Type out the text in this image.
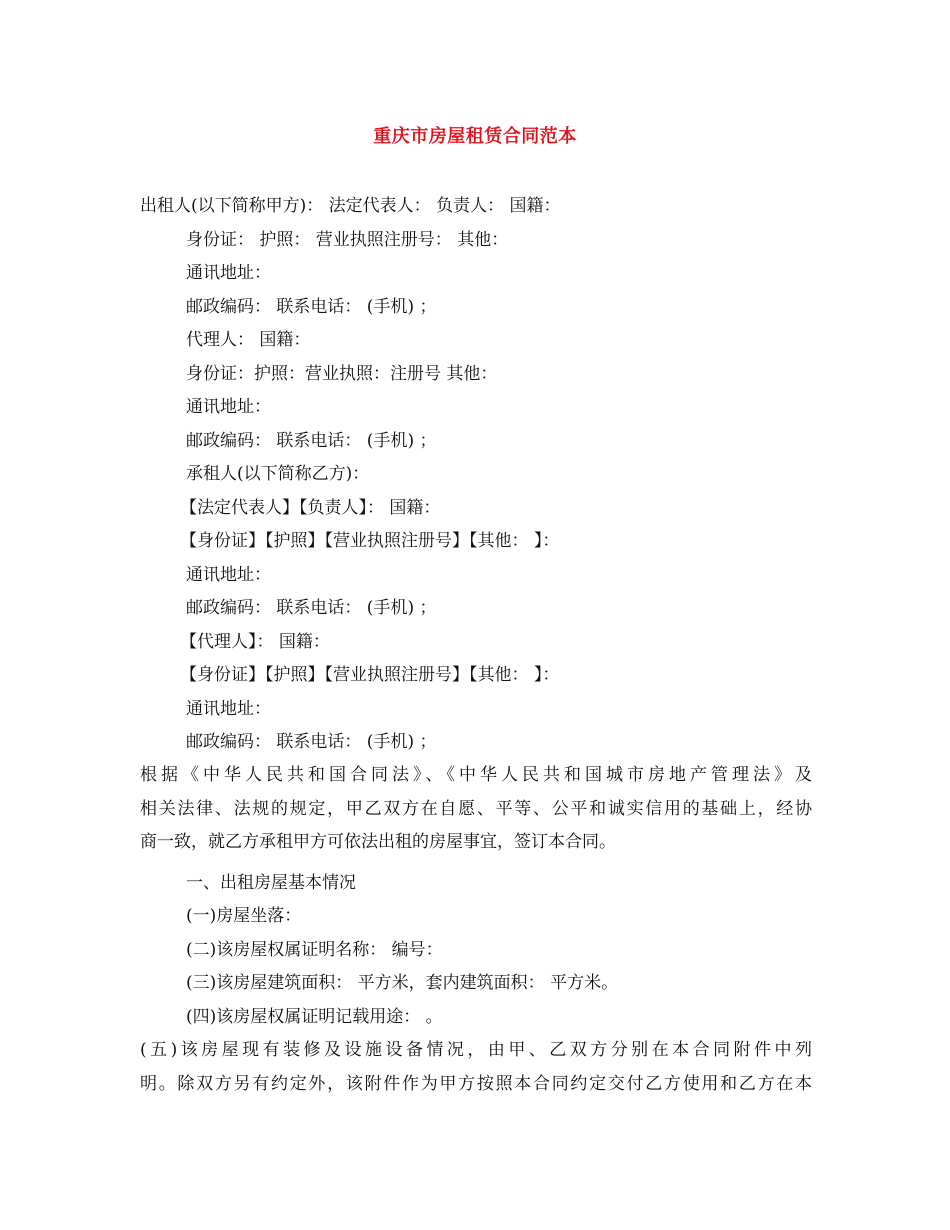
重庆市房屋租赁合同范本
出租人(以下简称甲方)： 法定代表人： 负责人： 国籍：
身份证： 护照： 营业执照注册号： 其他：
通讯地址：
邮政编码： 联系电话： (手机) ；
代理人： 国籍：
身份证：护照：营业执照：注册号 其他：
通讯地址：
邮政编码： 联系电话： (手机) ；
承租人(以下简称乙方)：
【法定代表人】【负责人】： 国籍：
【身份证】【护照】【营业执照注册号】【其他： 】：
通讯地址：
邮政编码： 联系电话： (手机) ；
【代理人】： 国籍：
【身份证】【护照】【营业执照注册号】【其他： 】：
通讯地址：
邮政编码： 联系电话： (手机) ；

根据《中华人民共和国合同法》、《中华人民共和国城市房地产管理法》及

相关法律、法规的规定，甲乙双方在自愿、平等、公平和诚实信用的基础上，经协

商一致，就乙方承租甲方可依法出租的房屋事宜，签订本合同。

一、出租房屋基本情况
(一)房屋坐落：
(二)该房屋权属证明名称： 编号：
(三)该房屋建筑面积： 平方米，套内建筑面积： 平方米。
(四)该房屋权属证明记载用途： 。

(五)该房屋现有装修及设施设备情况，由甲、乙双方分别在本合同附件中列

明。除双方另有约定外，该附件作为甲方按照本合同约定交付乙方使用和乙方在本
